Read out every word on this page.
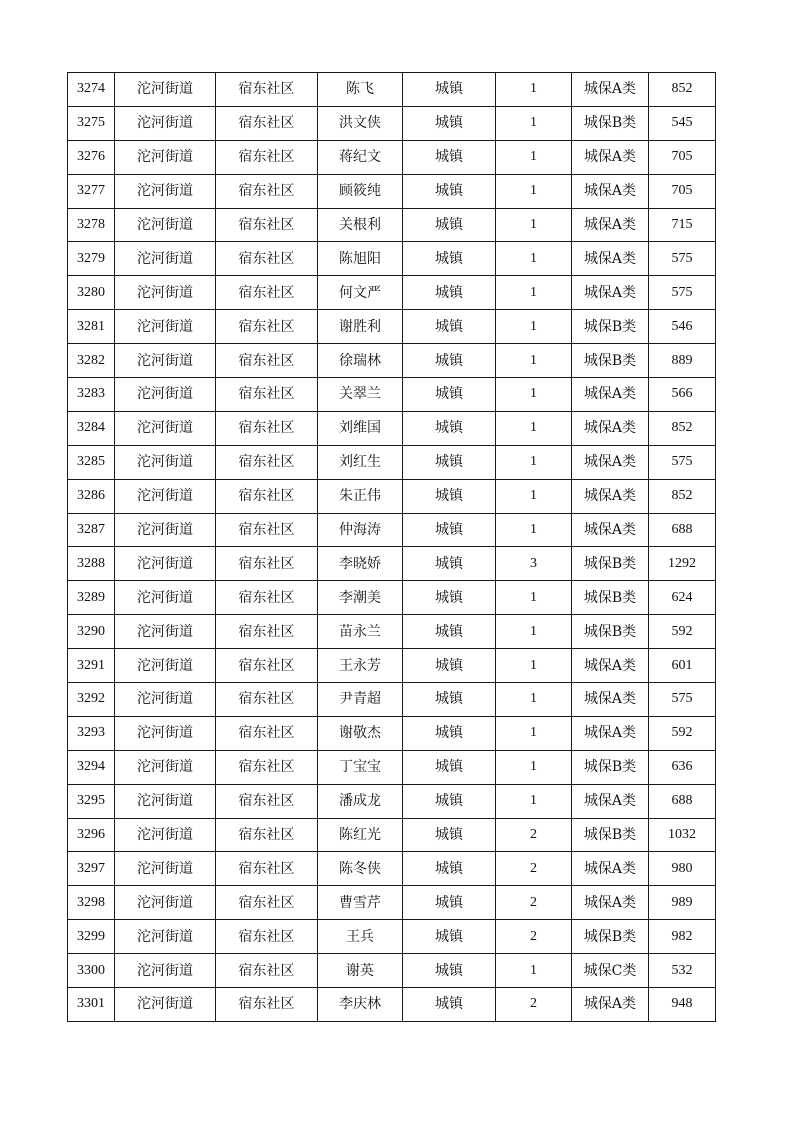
3274	沱河街道	宿东社区	陈飞	城镇	1	城保A类	852
3275	沱河街道	宿东社区	洪文侠	城镇	1	城保B类	545
3276	沱河街道	宿东社区	蒋纪文	城镇	1	城保A类	705
3277	沱河街道	宿东社区	顾筱纯	城镇	1	城保A类	705
3278	沱河街道	宿东社区	关根利	城镇	1	城保A类	715
3279	沱河街道	宿东社区	陈旭阳	城镇	1	城保A类	575
3280	沱河街道	宿东社区	何文严	城镇	1	城保A类	575
3281	沱河街道	宿东社区	谢胜利	城镇	1	城保B类	546
3282	沱河街道	宿东社区	徐瑞林	城镇	1	城保B类	889
3283	沱河街道	宿东社区	关翠兰	城镇	1	城保A类	566
3284	沱河街道	宿东社区	刘维国	城镇	1	城保A类	852
3285	沱河街道	宿东社区	刘红生	城镇	1	城保A类	575
3286	沱河街道	宿东社区	朱正伟	城镇	1	城保A类	852
3287	沱河街道	宿东社区	仲海涛	城镇	1	城保A类	688
3288	沱河街道	宿东社区	李晓娇	城镇	3	城保B类	1292
3289	沱河街道	宿东社区	李潮美	城镇	1	城保B类	624
3290	沱河街道	宿东社区	苗永兰	城镇	1	城保B类	592
3291	沱河街道	宿东社区	王永芳	城镇	1	城保A类	601
3292	沱河街道	宿东社区	尹青超	城镇	1	城保A类	575
3293	沱河街道	宿东社区	谢敬杰	城镇	1	城保A类	592
3294	沱河街道	宿东社区	丁宝宝	城镇	1	城保B类	636
3295	沱河街道	宿东社区	潘成龙	城镇	1	城保A类	688
3296	沱河街道	宿东社区	陈红光	城镇	2	城保B类	1032
3297	沱河街道	宿东社区	陈冬侠	城镇	2	城保A类	980
3298	沱河街道	宿东社区	曹雪芹	城镇	2	城保A类	989
3299	沱河街道	宿东社区	王兵	城镇	2	城保B类	982
3300	沱河街道	宿东社区	谢英	城镇	1	城保C类	532
3301	沱河街道	宿东社区	李庆林	城镇	2	城保A类	948
